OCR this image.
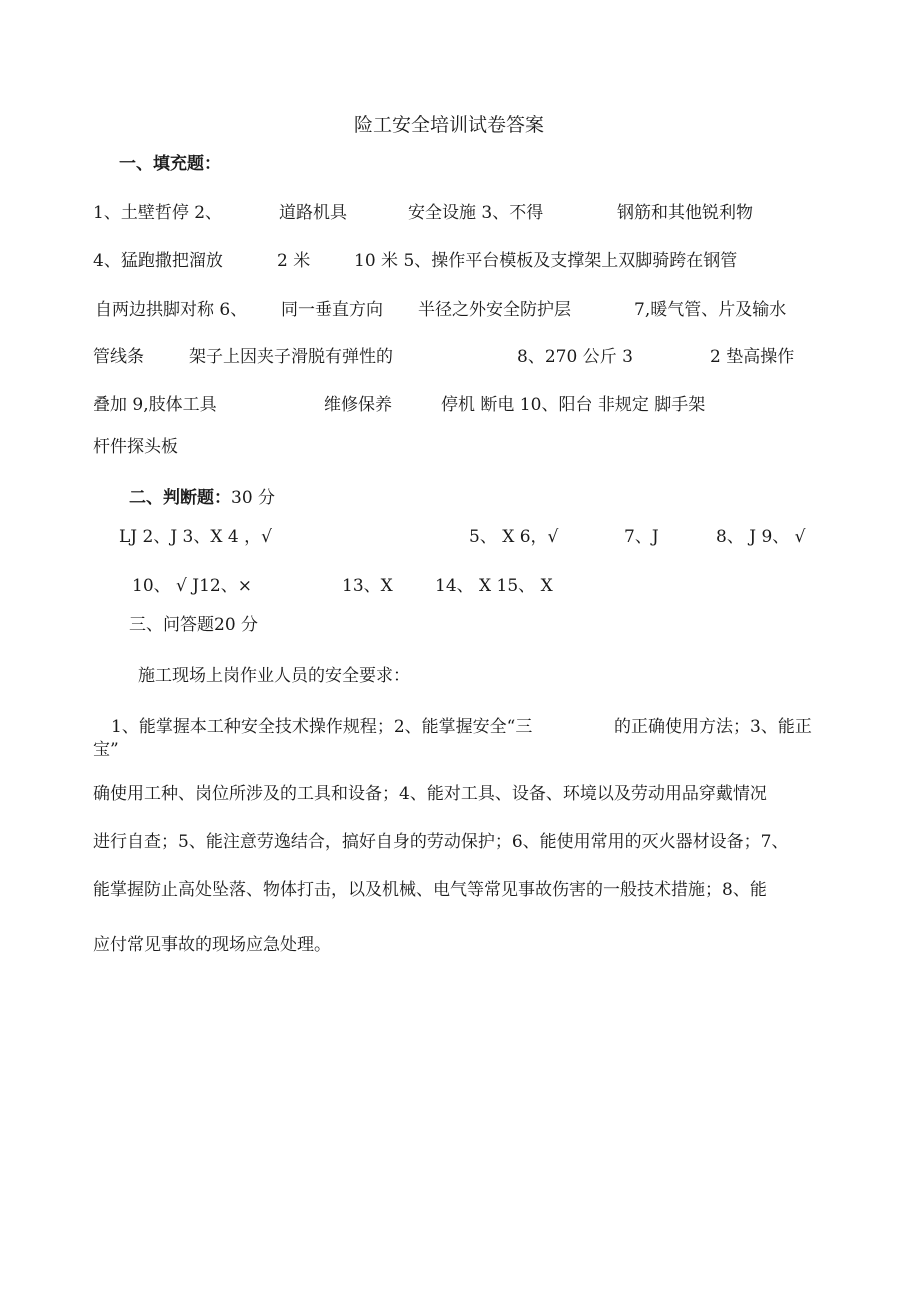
险工安全培训试卷答案
一、填充题：
1、土壁哲停 2、	道路机具	安全设施 3、不得	钢筋和其他锐利物
4、猛跑撒把溜放	2 米	10 米 5、操作平台模板及支撑架上双脚骑跨在钢管
自两边拱脚对称 6、 同一垂直方向 半径之外安全防护层	7,暖气管、片及输水
管线条	架子上因夹子滑脱有弹性的	8、270 公斤 3	2 垫高操作
叠加 9,肢体工具	维修保养	停机 断电 10、阳台 非规定 脚手架
杆件探头板
二、判断题：30 分
LJ 2、J 3、X 4 ，√	5、 X 6，√	7、J	8、 J 9、 √
10、 √ J12、×	13、X 14、 X 15、 X
三、问答题20 分
施工现场上岗作业人员的安全要求：
1、能掌握本工种安全技术操作规程；2、能掌握安全“三	的正确使用方法；3、能正
宝”
确使用工种、岗位所涉及的工具和设备；4、能对工具、设备、环境以及劳动用品穿戴情况
进行自查；5、能注意劳逸结合，搞好自身的劳动保护；6、能使用常用的灭火器材设备；7、
能掌握防止高处坠落、物体打击，以及机械、电气等常见事故伤害的一般技术措施；8、能
应付常见事故的现场应急处理。
